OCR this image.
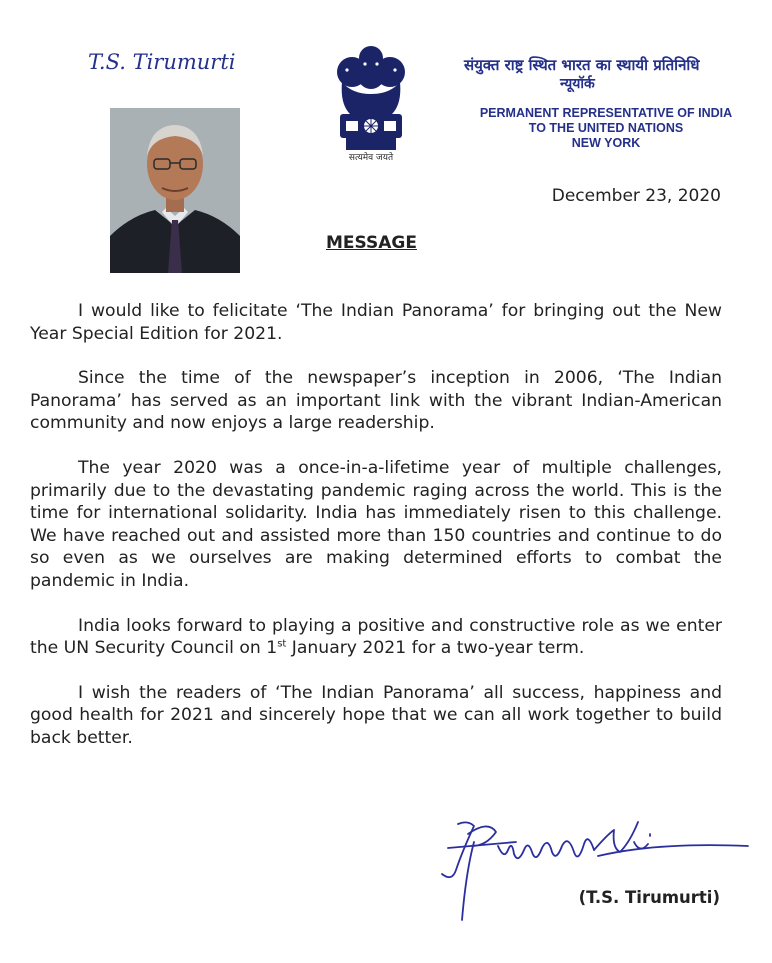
T.S. Tirumurti
सत्यमेव जयते
संयुक्त राष्ट्र स्थित भारत का स्थायी प्रतिनिधि
न्यूयॉर्क
PERMANENT REPRESENTATIVE OF INDIA
TO THE UNITED NATIONS
NEW YORK
December 23, 2020
MESSAGE

I would like to felicitate ‘The Indian Panorama’ for bringing out the New Year Special Edition for 2021.

Since the time of the newspaper’s inception in 2006, ‘The Indian Panorama’ has served as an important link with the vibrant Indian-American community and now enjoys a large readership.

The year 2020 was a once-in-a-lifetime year of multiple challenges, primarily due to the devastating pandemic raging across the world. This is the time for international solidarity. India has immediately risen to this challenge. We have reached out and assisted more than 150 countries and continue to do so even as we ourselves are making determined efforts to combat the pandemic in India.

India looks forward to playing a positive and constructive role as we enter the UN Security Council on 1st January 2021 for a two-year term.

I wish the readers of ‘The Indian Panorama’ all success, happiness and good health for 2021 and sincerely hope that we can all work together to build back better.

(T.S. Tirumurti)
